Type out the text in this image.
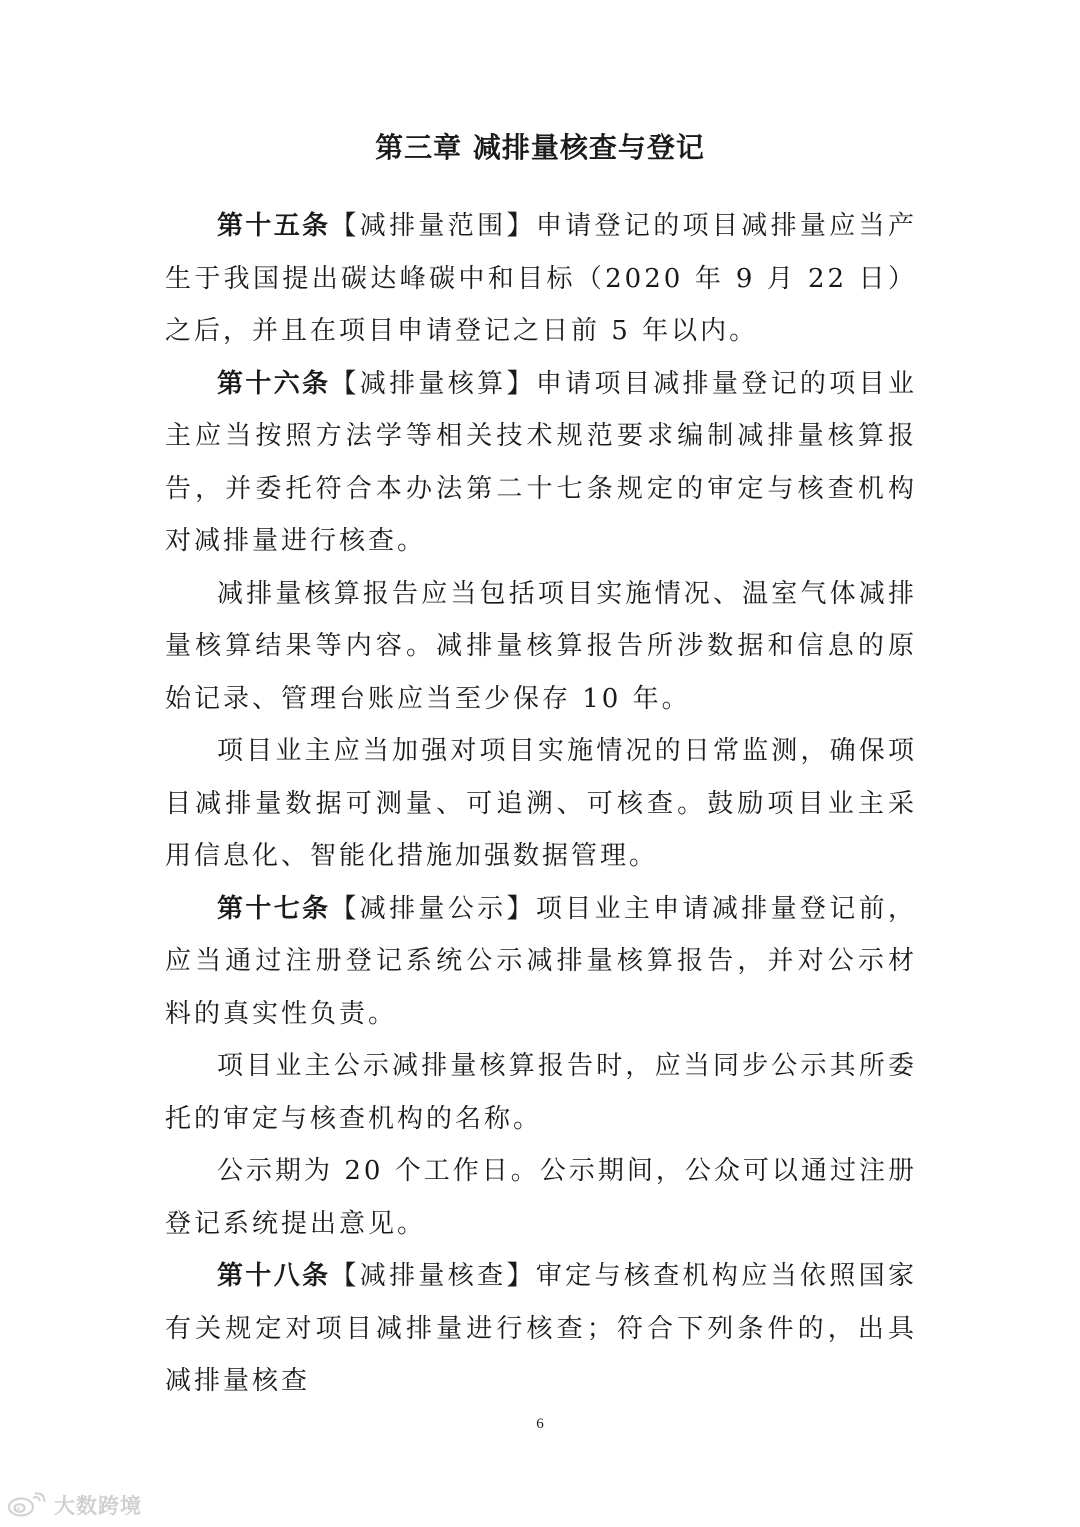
第三章 减排量核查与登记

第十五条【减排量范围】申请登记的项目减排量应当产生于我国提出碳达峰碳中和目标（2020 年 9 月 22 日）之后，并且在项目申请登记之日前 5 年以内。

第十六条【减排量核算】申请项目减排量登记的项目业主应当按照方法学等相关技术规范要求编制减排量核算报告，并委托符合本办法第二十七条规定的审定与核查机构对减排量进行核查。

减排量核算报告应当包括项目实施情况、温室气体减排量核算结果等内容。减排量核算报告所涉数据和信息的原始记录、管理台账应当至少保存 10 年。

项目业主应当加强对项目实施情况的日常监测，确保项目减排量数据可测量、可追溯、可核查。鼓励项目业主采用信息化、智能化措施加强数据管理。

第十七条【减排量公示】项目业主申请减排量登记前，应当通过注册登记系统公示减排量核算报告，并对公示材料的真实性负责。

项目业主公示减排量核算报告时，应当同步公示其所委托的审定与核查机构的名称。

公示期为 20 个工作日。公示期间，公众可以通过注册登记系统提出意见。

第十八条【减排量核查】审定与核查机构应当依照国家有关规定对项目减排量进行核查；符合下列条件的，出具减排量核查

6
大数跨境
